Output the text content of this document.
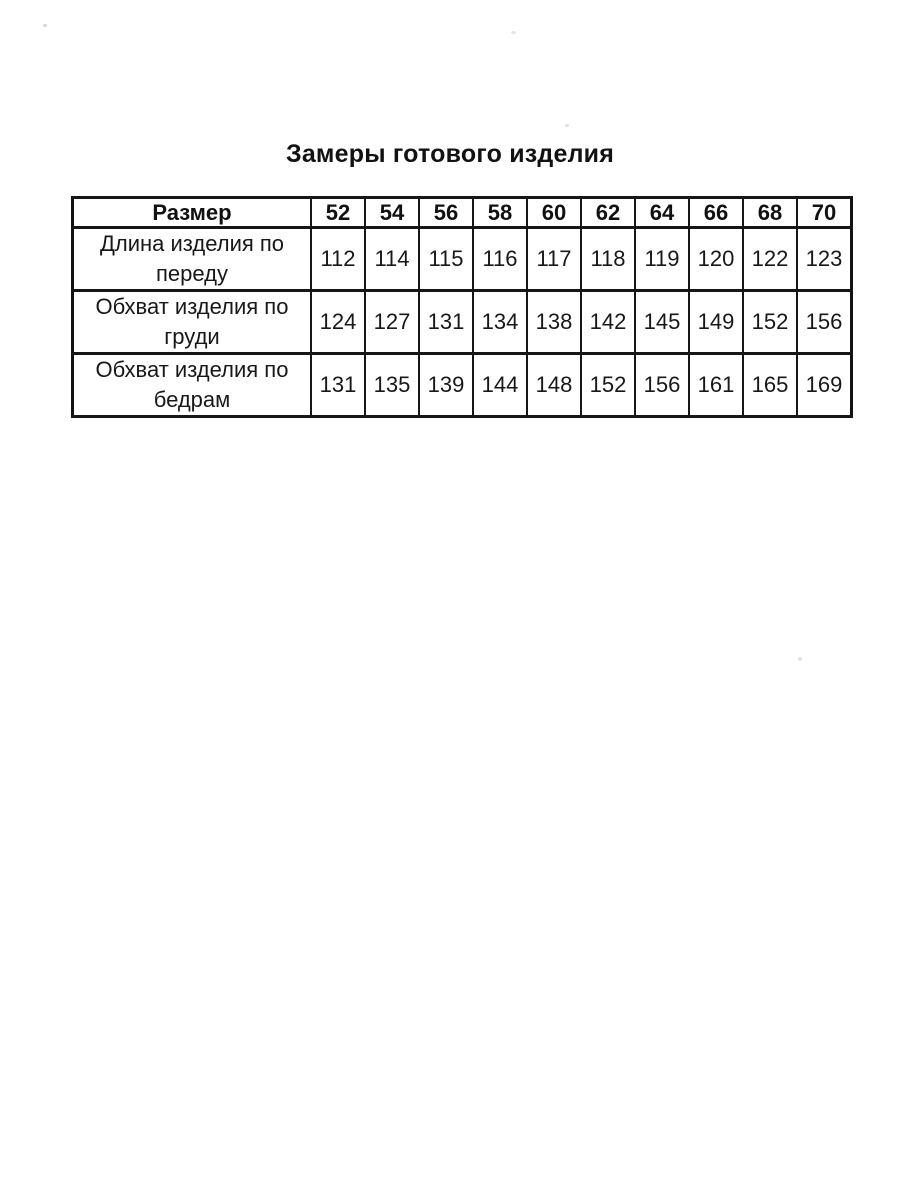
Замеры готового изделия
Размер	52	54	56	58	60	62	64	66	68	70
Длина изделия по переду	112	114	115	116	117	118	119	120	122	123
Обхват изделия по груди	124	127	131	134	138	142	145	149	152	156
Обхват изделия по бедрам	131	135	139	144	148	152	156	161	165	169
